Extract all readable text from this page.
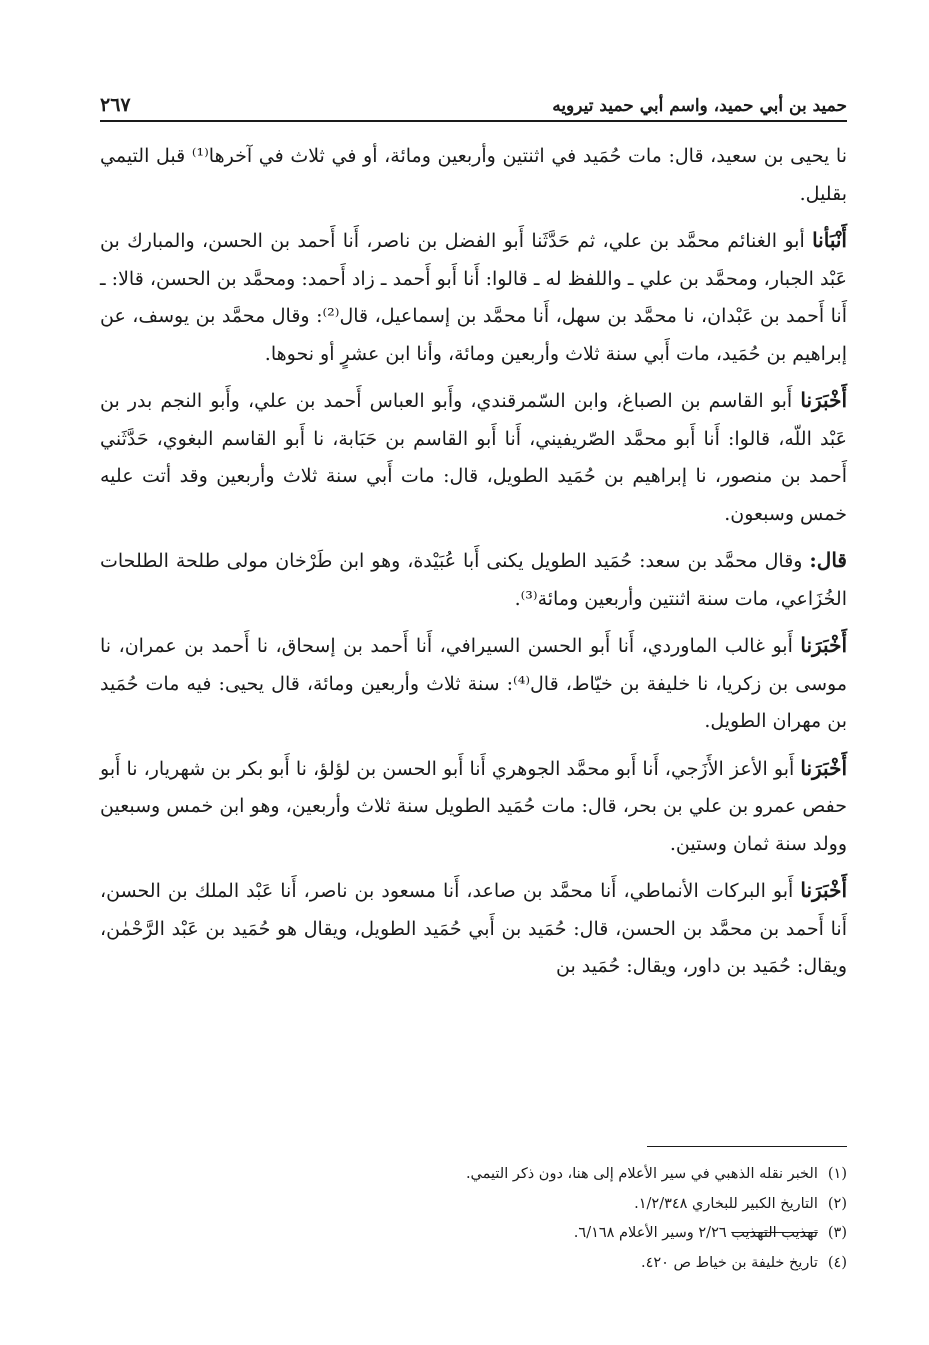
حميد بن أبي حميد، واسم أبي حميد تيرويه
٢٦٧

نا يحيى بن سعيد، قال: مات حُمَيد في اثنتين وأربعين ومائة، أو في ثلاث في آخرها⁽¹⁾ قبل التيمي بقليل.

أَنْبَأنا أبو الغنائم محمَّد بن علي، ثم حَدَّثَنا أَبو الفضل بن ناصر، أَنا أَحمد بن الحسن، والمبارك بن عَبْد الجبار، ومحمَّد بن علي ـ واللفظ له ـ قالوا: أَنا أَبو أَحمد ـ زاد أَحمد: ومحمَّد بن الحسن، قالا: ـ أَنا أَحمد بن عَبْدان، نا محمَّد بن سهل، أَنا محمَّد بن إسماعيل، قال⁽²⁾: وقال محمَّد بن يوسف، عن إبراهيم بن حُمَيد، مات أَبي سنة ثلاث وأربعين ومائة، وأنا ابن عشرٍ أو نحوها.

أَخْبَرَنا أَبو القاسم بن الصباغ، وابن السّمرقندي، وأَبو العباس أَحمد بن علي، وأَبو النجم بدر بن عَبْد اللّه، قالوا: أَنا أَبو محمَّد الصّريفيني، أَنا أَبو القاسم بن حَبَابة، نا أَبو القاسم البغوي، حَدَّثَني أَحمد بن منصور، نا إبراهيم بن حُمَيد الطويل، قال: مات أَبي سنة ثلاث وأربعين وقد أتت عليه خمس وسبعون.

قال: وقال محمَّد بن سعد: حُمَيد الطويل يكنى أَبا عُبَيْدة، وهو ابن طَرْخان مولى طلحة الطلحات الخُزَاعي، مات سنة اثنتين وأربعين ومائة⁽³⁾.

أَخْبَرَنا أَبو غالب الماوردي، أَنا أَبو الحسن السيرافي، أَنا أَحمد بن إسحاق، نا أَحمد بن عمران، نا موسى بن زكريا، نا خليفة بن خيّاط، قال⁽⁴⁾: سنة ثلاث وأربعين ومائة، قال يحيى: فيه مات حُمَيد بن مهران الطويل.

أَخْبَرَنا أَبو الأعز الأَزَجي، أَنا أَبو محمَّد الجوهري أَنا أَبو الحسن بن لؤلؤ، نا أَبو بكر بن شهريار، نا أَبو حفص عمرو بن علي بن بحر، قال: مات حُمَيد الطويل سنة ثلاث وأربعين، وهو ابن خمس وسبعين وولد سنة ثمان وستين.

أَخْبَرَنا أَبو البركات الأنماطي، أَنا محمَّد بن صاعد، أَنا مسعود بن ناصر، أَنا عَبْد الملك بن الحسن، أَنا أَحمد بن محمَّد بن الحسن، قال: حُمَيد بن أَبي حُمَيد الطويل، ويقال هو حُمَيد بن عَبْد الرَّحْمٰن، ويقال: حُمَيد بن داور، ويقال: حُمَيد بن

(١)
الخبر نقله الذهبي في سير الأعلام إلى هنا، دون ذكر التيمي.
(٢)
التاريخ الكبير للبخاري ١/٢/٣٤٨.
(٣)
تهذيب التهذيب ٢/٢٦ وسير الأعلام ٦/١٦٨.
(٤)
تاريخ خليفة بن خياط ص ٤٢٠.
